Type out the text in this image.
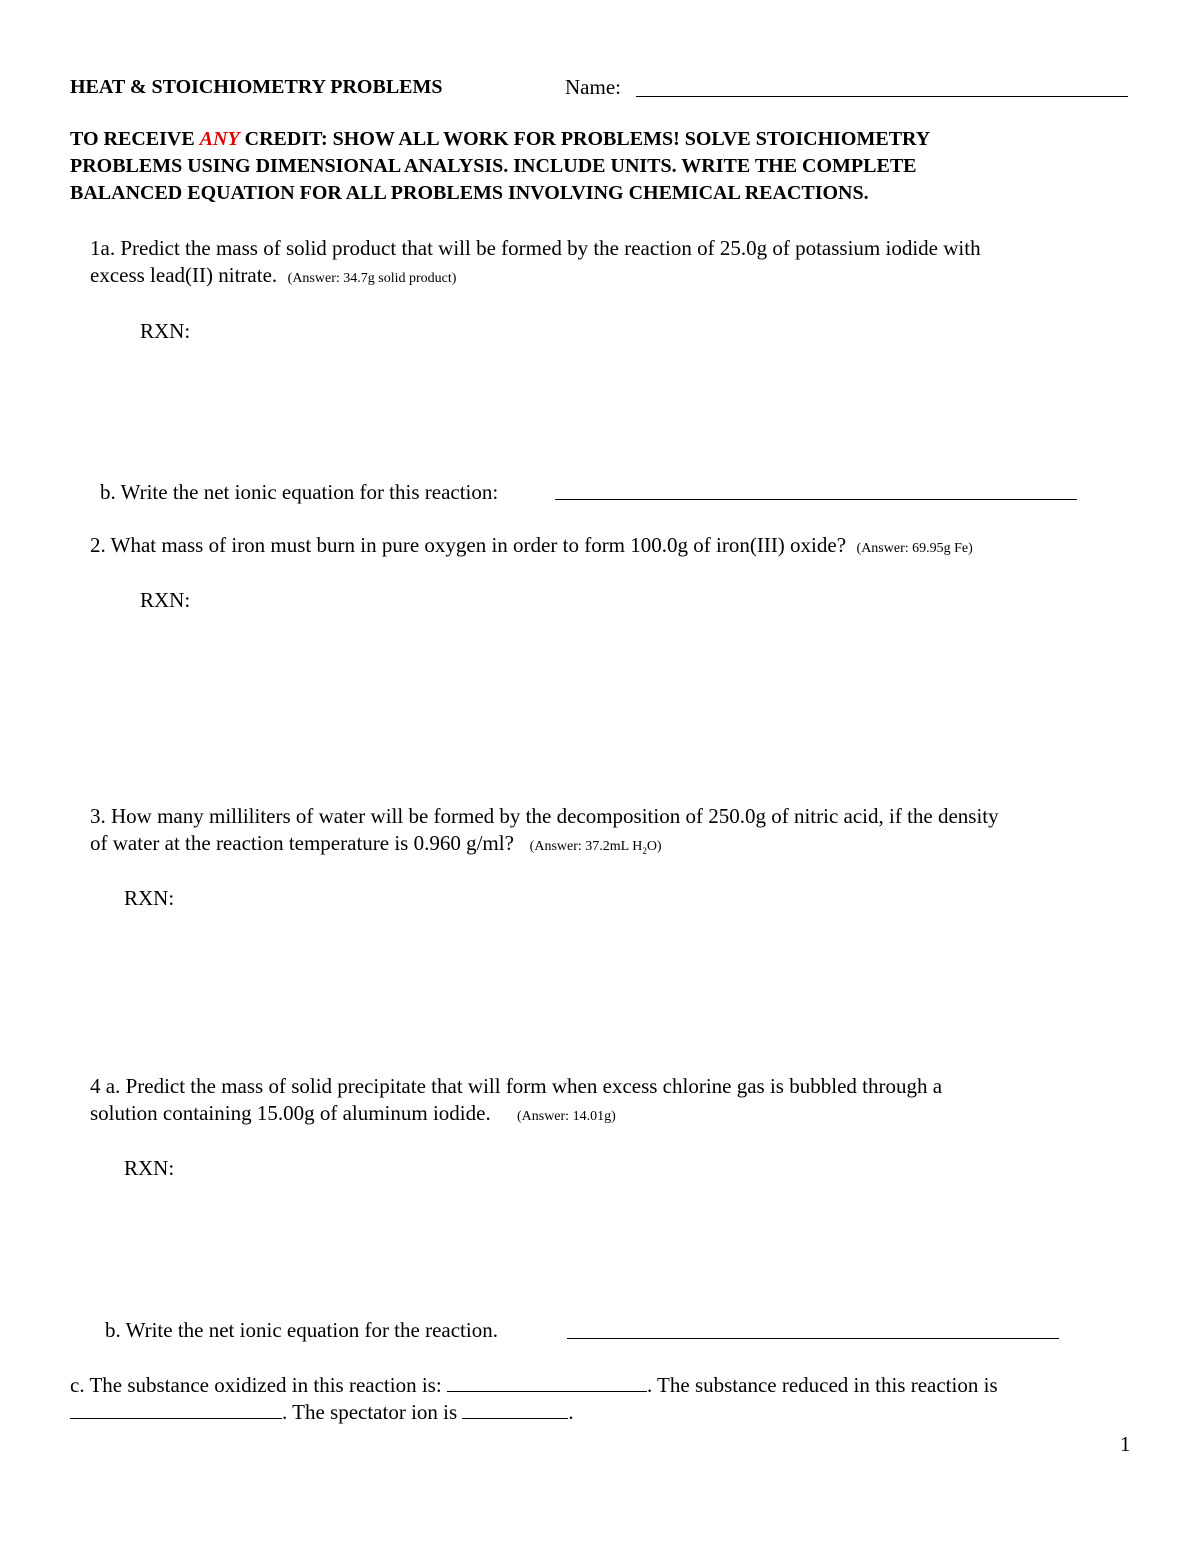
HEAT & STOICHIOMETRY PROBLEMS	Name:
TO RECEIVE ANY CREDIT: SHOW ALL WORK FOR PROBLEMS! SOLVE STOICHIOMETRY
PROBLEMS USING DIMENSIONAL ANALYSIS. INCLUDE UNITS. WRITE THE COMPLETE
BALANCED EQUATION FOR ALL PROBLEMS INVOLVING CHEMICAL REACTIONS.
1a. Predict the mass of solid product that will be formed by the reaction of 25.0g of potassium iodide with
excess lead(II) nitrate. (Answer: 34.7g solid product)
RXN:
b. Write the net ionic equation for this reaction:
2. What mass of iron must burn in pure oxygen in order to form 100.0g of iron(III) oxide? (Answer: 69.95g Fe)
RXN:
3. How many milliliters of water will be formed by the decomposition of 250.0g of nitric acid, if the density
of water at the reaction temperature is 0.960 g/ml? (Answer: 37.2mL $H_2O$)
RXN:
4 a. Predict the mass of solid precipitate that will form when excess chlorine gas is bubbled through a
solution containing 15.00g of aluminum iodide. (Answer: 14.01g)
RXN:
b. Write the net ionic equation for the reaction.
c. The substance oxidized in this reaction is:	. The substance reduced in this reaction is
. The spectator ion is	.
1
